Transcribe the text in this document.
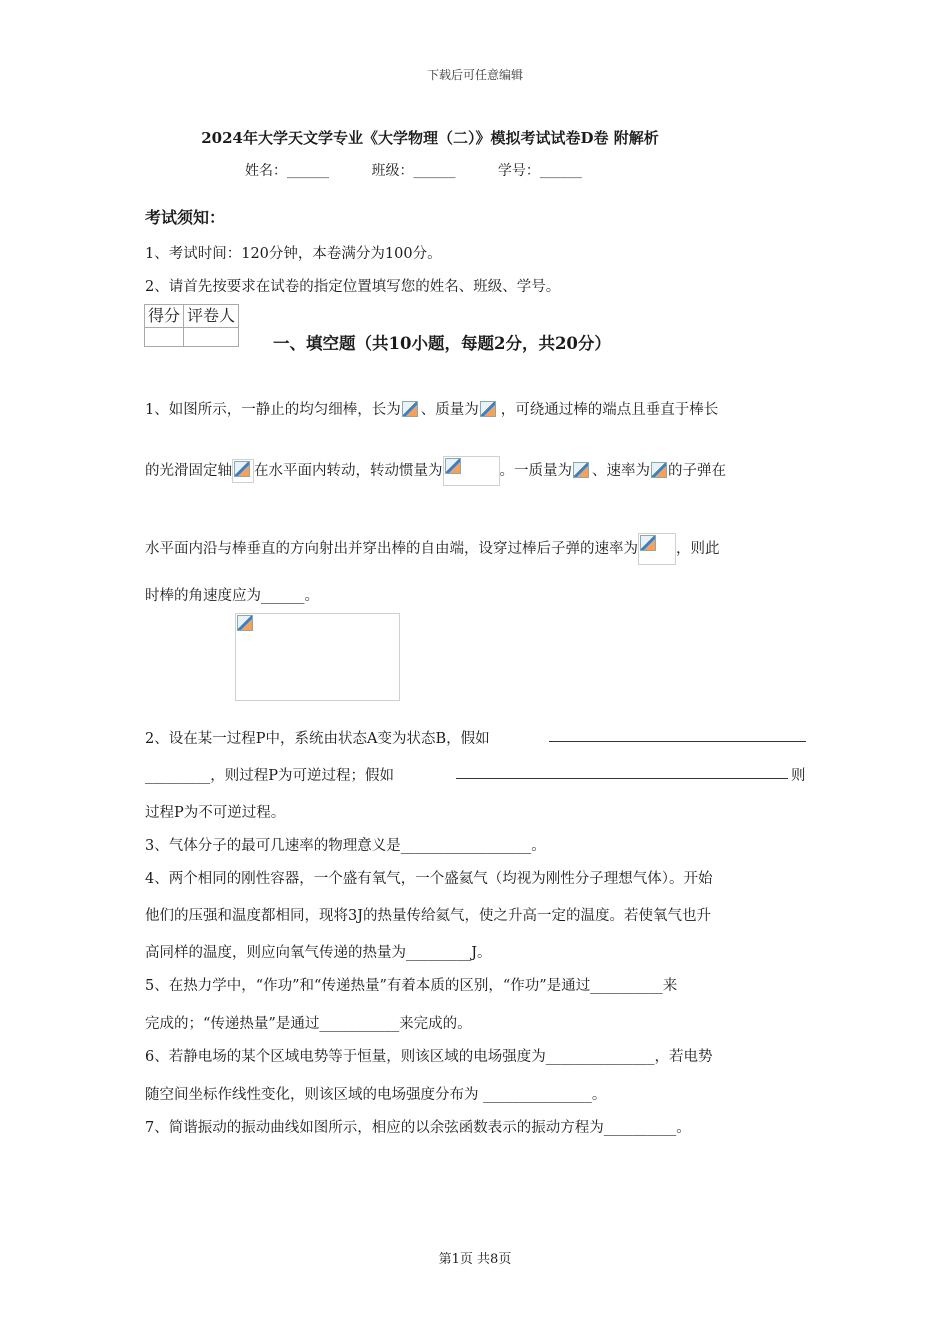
下载后可任意编辑
2024年大学天文学专业《大学物理（二）》模拟考试试卷D卷 附解析
姓名：______	班级：______	学号：______
考试须知：
1、考试时间：120分钟，本卷满分为100分。
2、请首先按要求在试卷的指定位置填写您的姓名、班级、学号。
得分	评卷人

一、填空题（共10小题，每题2分，共20分）
1、如图所示，一静止的均匀细棒，长为 、质量为 ，可绕通过棒的端点且垂直于棒长
的光滑固定轴 在水平面内转动，转动惯量为	。一质量为 、速率为 的子弹在
水平面内沿与棒垂直的方向射出并穿出棒的自由端，设穿过棒后子弹的速率为	，则此
时棒的角速度应为______。
2、设在某一过程P中，系统由状态A变为状态B，假如
_________，则过程P为可逆过程；假如	则
过程P为不可逆过程。
3、气体分子的最可几速率的物理意义是__________________。
4、两个相同的刚性容器，一个盛有氧气，一个盛氦气（均视为刚性分子理想气体）。开始
他们的压强和温度都相同，现将3J的热量传给氦气，使之升高一定的温度。若使氧气也升
高同样的温度，则应向氧气传递的热量为_________J。
5、在热力学中，“作功”和“传递热量”有着本质的区别，“作功”是通过__________来
完成的；“传递热量”是通过___________来完成的。
6、若静电场的某个区域电势等于恒量，则该区域的电场强度为_______________，若电势
随空间坐标作线性变化，则该区域的电场强度分布为 _______________。
7、简谐振动的振动曲线如图所示，相应的以余弦函数表示的振动方程为__________。
第1页 共8页
